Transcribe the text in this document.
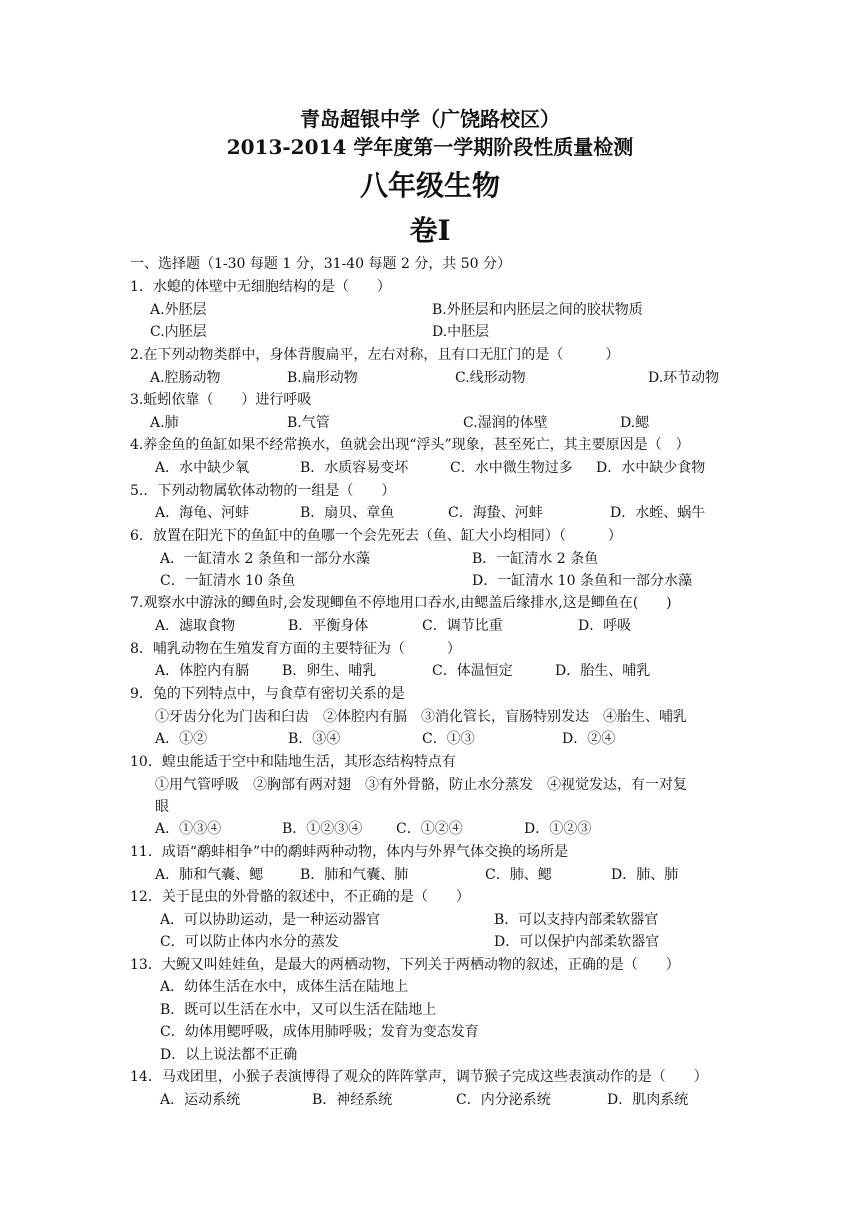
青岛超银中学（广饶路校区）
2013-2014 学年度第一学期阶段性质量检测
八年级生物
卷Ⅰ
一、选择题（1-30 每题 1 分，31-40 每题 2 分，共 50 分）
1．水螅的体壁中无细胞结构的是（　　）
A.外胚层	B.外胚层和内胚层之间的胶状物质
C.内胚层	D.中胚层
2.在下列动物类群中，身体背腹扁平，左右对称，且有口无肛门的是（　　　）
A.腔肠动物	B.扁形动物	C.线形动物	D.环节动物
3.蚯蚓依靠（　　）进行呼吸
A.肺	B.气管	C.湿润的体壁	D.鳃
4.养金鱼的鱼缸如果不经常换水，鱼就会出现“浮头”现象，甚至死亡，其主要原因是（　）
A．水中缺少氧	B．水质容易变坏	C．水中微生物过多 D．水中缺少食物
5.．下列动物属软体动物的一组是（　　）
A．海龟、河蚌	B．扇贝、章鱼	C．海蛰、河蚌	D．水蛭、蜗牛
6．放置在阳光下的鱼缸中的鱼哪一个会先死去（鱼、缸大小均相同）（　　　）
A．一缸清水 2 条鱼和一部分水藻	B．一缸清水 2 条鱼
C．一缸清水 10 条鱼	D．一缸清水 10 条鱼和一部分水藻
7.观察水中游泳的鲫鱼时,会发现鲫鱼不停地用口吞水,由鳃盖后缘排水,这是鲫鱼在(　　)
A．滤取食物	B．平衡身体	C．调节比重	D．呼吸
8．哺乳动物在生殖发育方面的主要特征为（　　　）
A．体腔内有膈 B．卵生、哺乳	C．体温恒定	D．胎生、哺乳
9．兔的下列特点中，与食草有密切关系的是
①牙齿分化为门齿和臼齿　②体腔内有膈　③消化管长，盲肠特别发达　④胎生、哺乳
A．①②	B．③④	C．①③	D．②④
10．蝗虫能适于空中和陆地生活，其形态结构特点有
①用气管呼吸　②胸部有两对翅　③有外骨骼，防止水分蒸发　④视觉发达，有一对复
眼
A．①③④	B．①②③④ C．①②④	D．①②③
11．成语“鹬蚌相争”中的鹬蚌两种动物，体内与外界气体交换的场所是
A．肺和气囊、鳃	B．肺和气囊、肺	C．肺、鳃	D．肺、肺
12．关于昆虫的外骨骼的叙述中，不正确的是（　　）
A．可以协助运动，是一种运动器官	B．可以支持内部柔软器官
C．可以防止体内水分的蒸发	D．可以保护内部柔软器官
13．大鲵又叫娃娃鱼，是最大的两栖动物，下列关于两栖动物的叙述，正确的是（　　）
A．幼体生活在水中，成体生活在陆地上
B．既可以生活在水中，又可以生活在陆地上
C．幼体用鳃呼吸，成体用肺呼吸；发育为变态发育
D．以上说法都不正确
14．马戏团里，小猴子表演博得了观众的阵阵掌声，调节猴子完成这些表演动作的是（　　）
A．运动系统	B．神经系统	C．内分泌系统	D．肌肉系统
